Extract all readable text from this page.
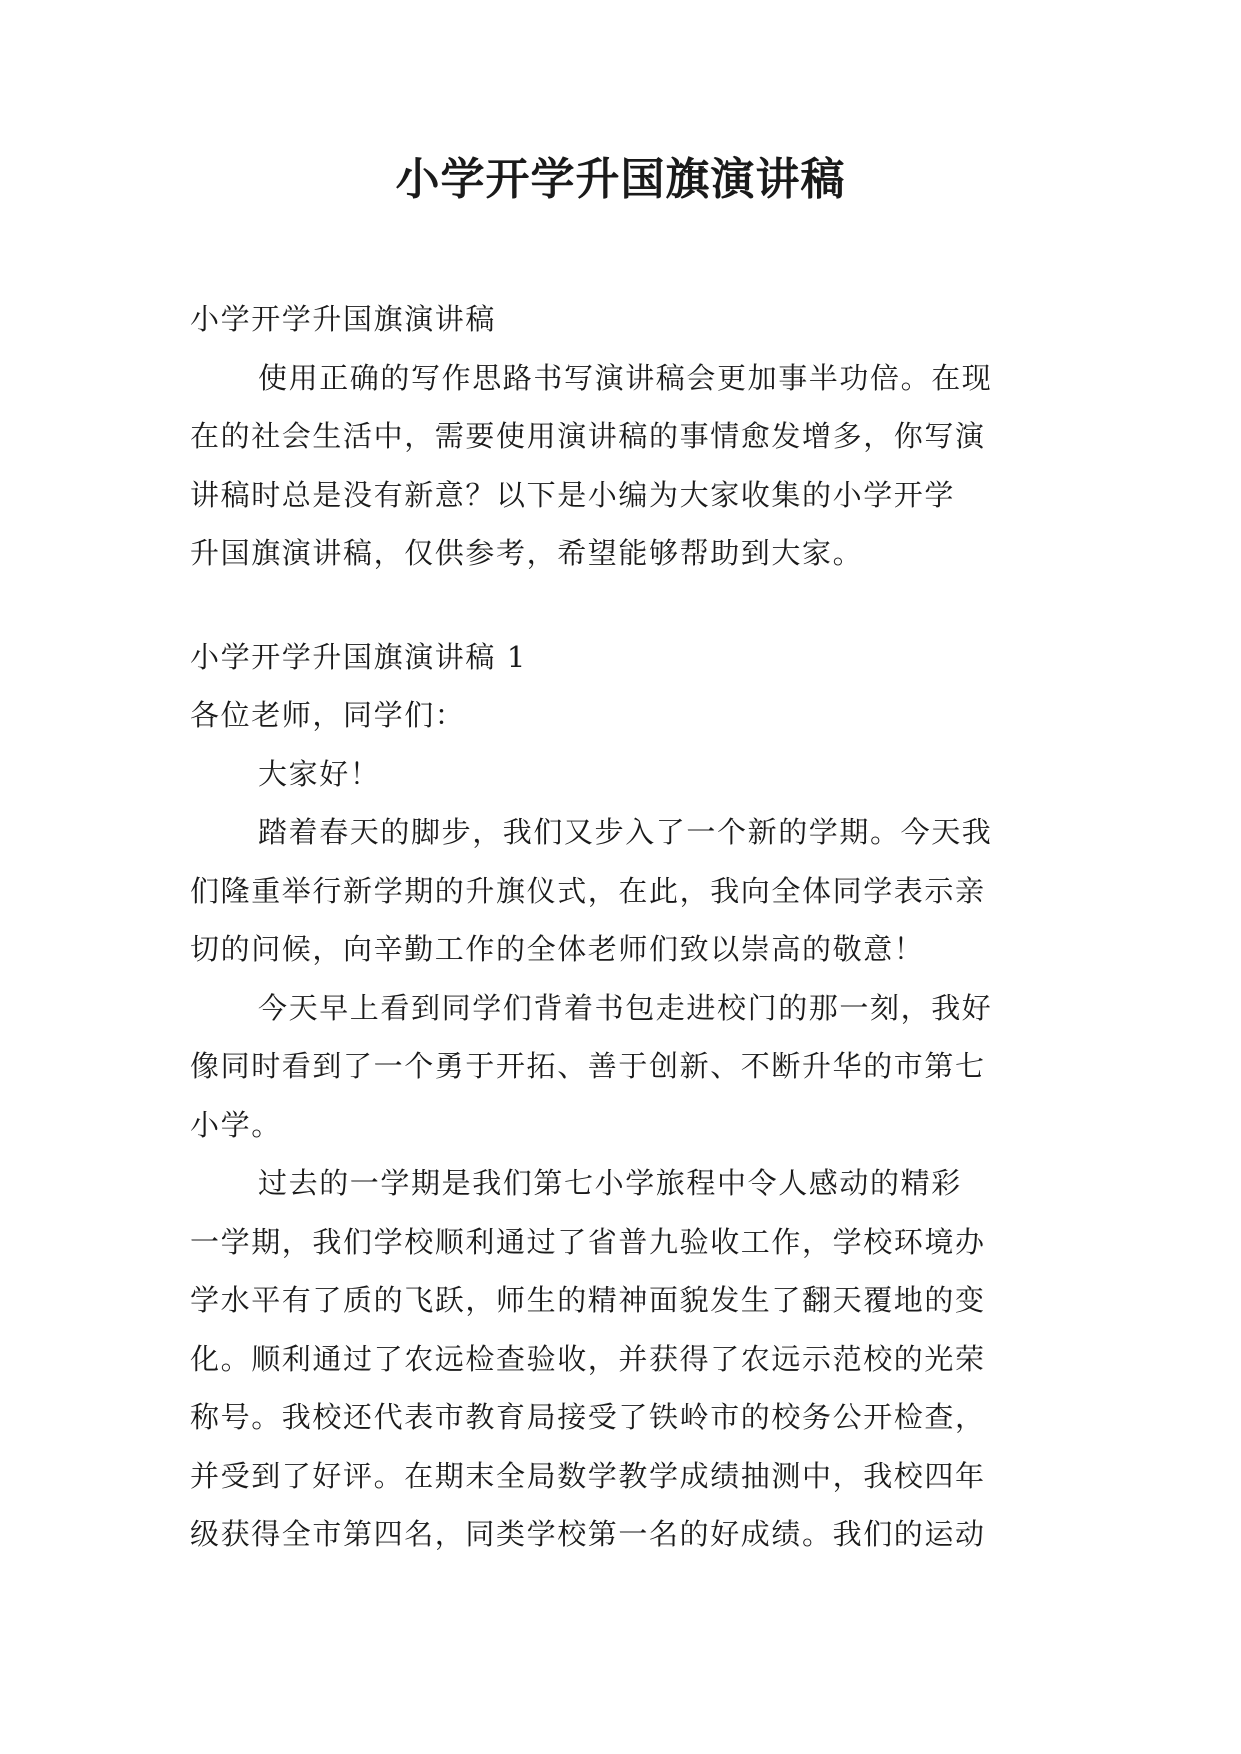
小学开学升国旗演讲稿

小学开学升国旗演讲稿

使用正确的写作思路书写演讲稿会更加事半功倍。在现

在的社会生活中，需要使用演讲稿的事情愈发增多，你写演

讲稿时总是没有新意？以下是小编为大家收集的小学开学

升国旗演讲稿，仅供参考，希望能够帮助到大家。

小学开学升国旗演讲稿 1

各位老师，同学们：

大家好！

踏着春天的脚步，我们又步入了一个新的学期。今天我

们隆重举行新学期的升旗仪式，在此，我向全体同学表示亲

切的问候，向辛勤工作的全体老师们致以崇高的敬意！

今天早上看到同学们背着书包走进校门的那一刻，我好

像同时看到了一个勇于开拓、善于创新、不断升华的市第七

小学。

过去的一学期是我们第七小学旅程中令人感动的精彩

一学期，我们学校顺利通过了省普九验收工作，学校环境办

学水平有了质的飞跃，师生的精神面貌发生了翻天覆地的变

化。顺利通过了农远检查验收，并获得了农远示范校的光荣

称号。我校还代表市教育局接受了铁岭市的校务公开检查，

并受到了好评。在期末全局数学教学成绩抽测中，我校四年

级获得全市第四名，同类学校第一名的好成绩。我们的运动
